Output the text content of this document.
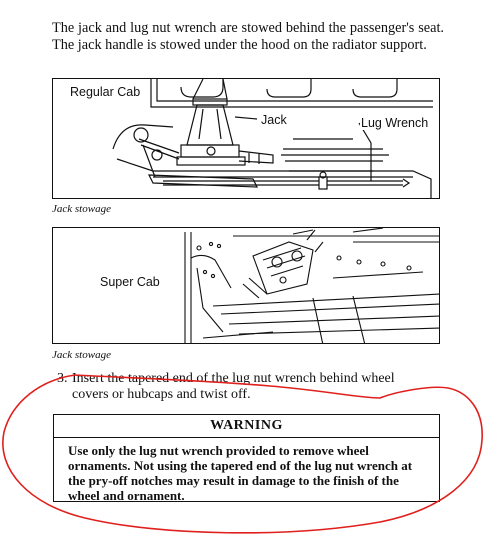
The jack and lug nut wrench are stowed behind the passenger's seat. The jack handle is stowed under the hood on the radiator support.

Regular Cab
Jack	Lug Wrench
Jack stowage
Super Cab
Jack stowage
3. Insert the tapered end of the lug nut wrench behind wheel
covers or hubcaps and twist off.
WARNING
Use only the lug nut wrench provided to remove wheel ornaments. Not using the tapered end of the lug nut wrench at the pry-off notches may result in damage to the finish of the wheel and ornament.
